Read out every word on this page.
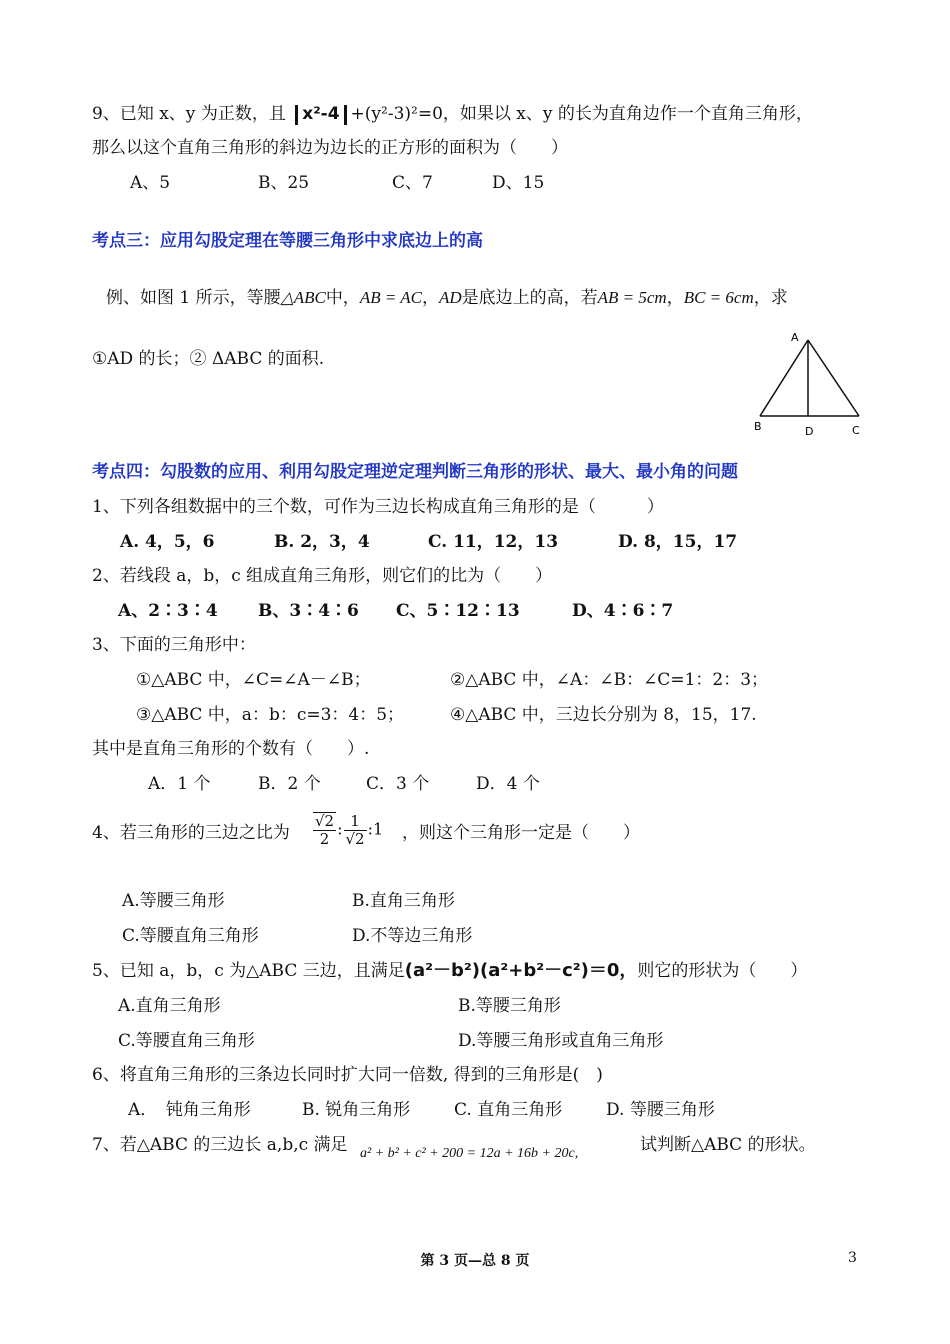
9、已知 x、y 为正数，且 x²-4 +(y²-3)²=0，如果以 x、y 的长为直角边作一个直角三角形，
那么以这个直角三角形的斜边为边长的正方形的面积为（　　）
A、5	B、25	C、7	D、15
考点三：应用勾股定理在等腰三角形中求底边上的高
例、如图 1 所示，等腰△ABC中，AB = AC，AD是底边上的高，若AB = 5cm，BC = 6cm，求
①AD 的长；② ΔABC 的面积.
A
B	D	C
考点四：勾股数的应用、利用勾股定理逆定理判断三角形的形状、最大、最小角的问题
1、下列各组数据中的三个数，可作为三边长构成直角三角形的是（　　　）
A. 4，5，6	B. 2，3，4	C. 11，12，13	D. 8，15，17
2、若线段 a，b，c 组成直角三角形，则它们的比为（　　）
A、2∶3∶4 B、3∶4∶6 C、5∶12∶13	D、4∶6∶7
3、下面的三角形中：
①△ABC 中，∠C=∠A－∠B；	②△ABC 中，∠A：∠B：∠C=1：2：3；
③△ABC 中，a：b：c=3：4：5；	④△ABC 中，三边长分别为 8，15，17.
其中是直角三角形的个数有（　　）.
A．1 个	B．2 个	C．3 个	D．4 个
4、若三角形的三边之比为 $\frac{√2}{2}$ : $\frac{1}{√2}$ :1 ，则这个三角形一定是（　　）
A.等腰三角形	B.直角三角形
C.等腰直角三角形	D.不等边三角形
5、已知 a，b，c 为△ABC 三边，且满足(a²－b²)(a²+b²－c²)＝0，则它的形状为（　　）
A.直角三角形	B.等腰三角形
C.等腰直角三角形	D.等腰三角形或直角三角形
6、将直角三角形的三条边长同时扩大同一倍数, 得到的三角形是(　)
A．　钝角三角形	B. 锐角三角形	C. 直角三角形	D. 等腰三角形
7、若△ABC 的三边长 a,b,c 满足 a² + b² + c² + 200 = 12a + 16b + 20c,	试判断△ABC 的形状。
第 3 页—总 8 页	3
